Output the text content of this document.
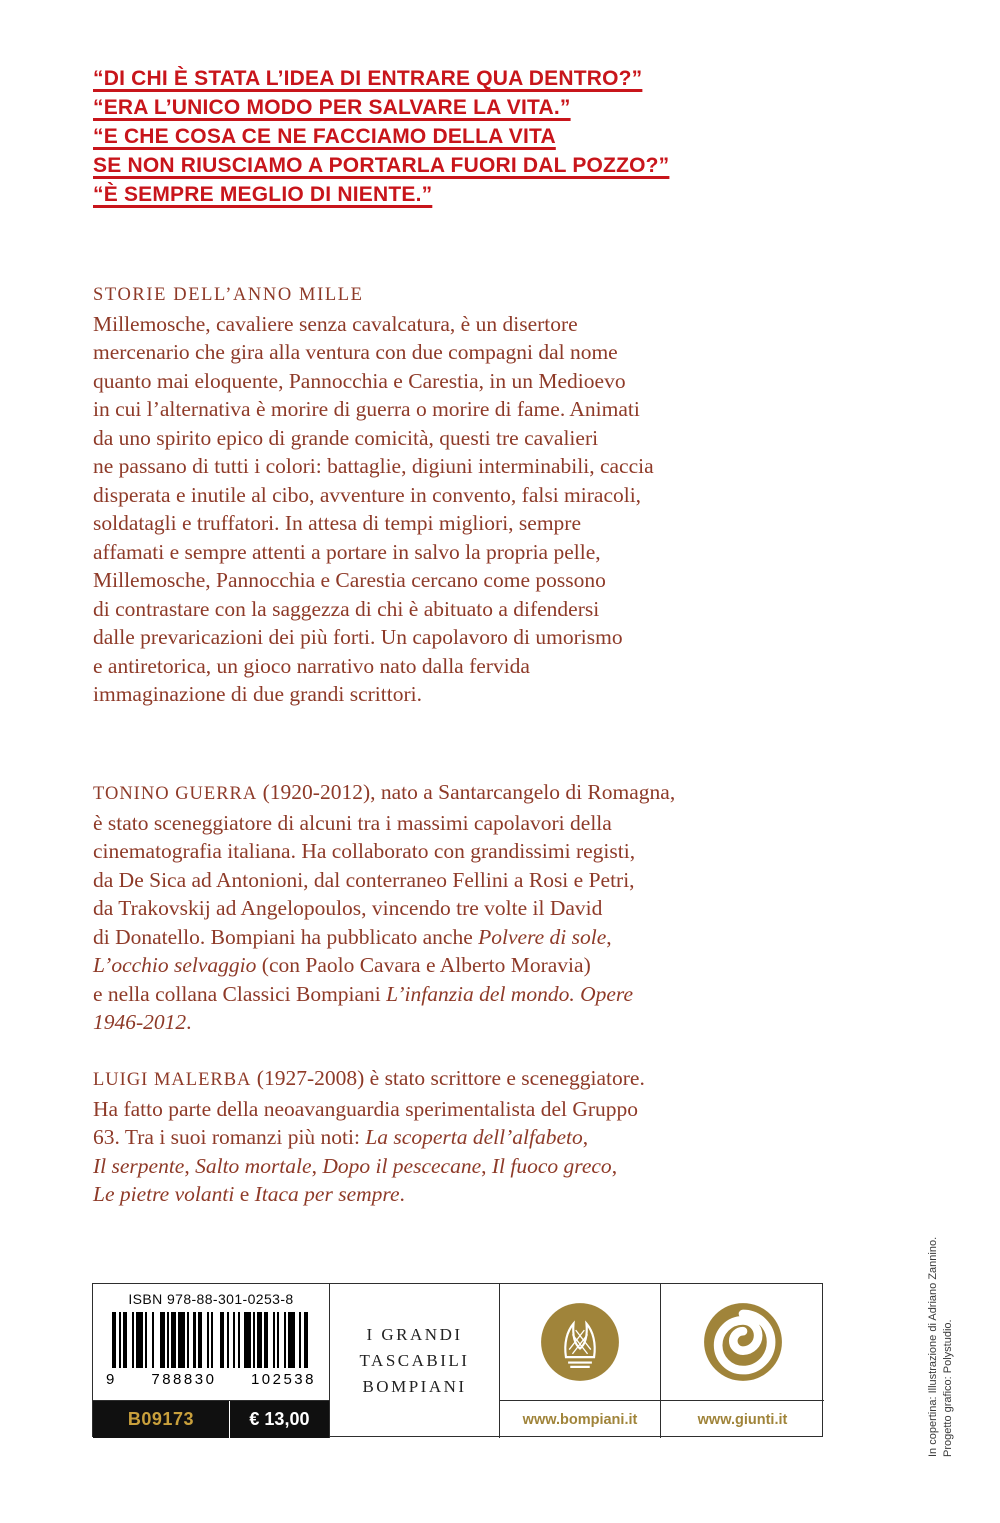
“DI CHI È STATA L’IDEA DI ENTRARE QUA DENTRO?”
“ERA L’UNICO MODO PER SALVARE LA VITA.”
“E CHE COSA CE NE FACCIAMO DELLA VITA
SE NON RIUSCIAMO A PORTARLA FUORI DAL POZZO?”
“È SEMPRE MEGLIO DI NIENTE.”
STORIE DELL’ANNO MILLE
Millemosche, cavaliere senza cavalcatura, è un disertore
mercenario che gira alla ventura con due compagni dal nome
quanto mai eloquente, Pannocchia e Carestia, in un Medioevo
in cui l’alternativa è morire di guerra o morire di fame. Animati
da uno spirito epico di grande comicità, questi tre cavalieri
ne passano di tutti i colori: battaglie, digiuni interminabili, caccia
disperata e inutile al cibo, avventure in convento, falsi miracoli,
soldatagli e truffatori. In attesa di tempi migliori, sempre
affamati e sempre attenti a portare in salvo la propria pelle,
Millemosche, Pannocchia e Carestia cercano come possono
di contrastare con la saggezza di chi è abituato a difendersi
dalle prevaricazioni dei più forti. Un capolavoro di umorismo
e antiretorica, un gioco narrativo nato dalla fervida
immaginazione di due grandi scrittori.
TONINO GUERRA (1920-2012), nato a Santarcangelo di Romagna,
è stato sceneggiatore di alcuni tra i massimi capolavori della
cinematografia italiana. Ha collaborato con grandissimi registi,
da De Sica ad Antonioni, dal conterraneo Fellini a Rosi e Petri,
da Trakovskij ad Angelopoulos, vincendo tre volte il David
di Donatello. Bompiani ha pubblicato anche Polvere di sole,
L’occhio selvaggio (con Paolo Cavara e Alberto Moravia)
e nella collana Classici Bompiani L’infanzia del mondo. Opere
1946-2012.
LUIGI MALERBA (1927-2008) è stato scrittore e sceneggiatore.
Ha fatto parte della neoavanguardia sperimentalista del Gruppo
63. Tra i suoi romanzi più noti: La scoperta dell’alfabeto,
Il serpente, Salto mortale, Dopo il pescecane, Il fuoco greco,
Le pietre volanti e Itaca per sempre.
ISBN 978-88-301-0253-8
9 788830 102538
B09173	€ 13,00
I GRANDI
TASCABILI
BOMPIANI
www.bompiani.it	www.giunti.it	In copertina: Illustrazione di Adriano Zannino. Progetto grafico: Polystudio.
